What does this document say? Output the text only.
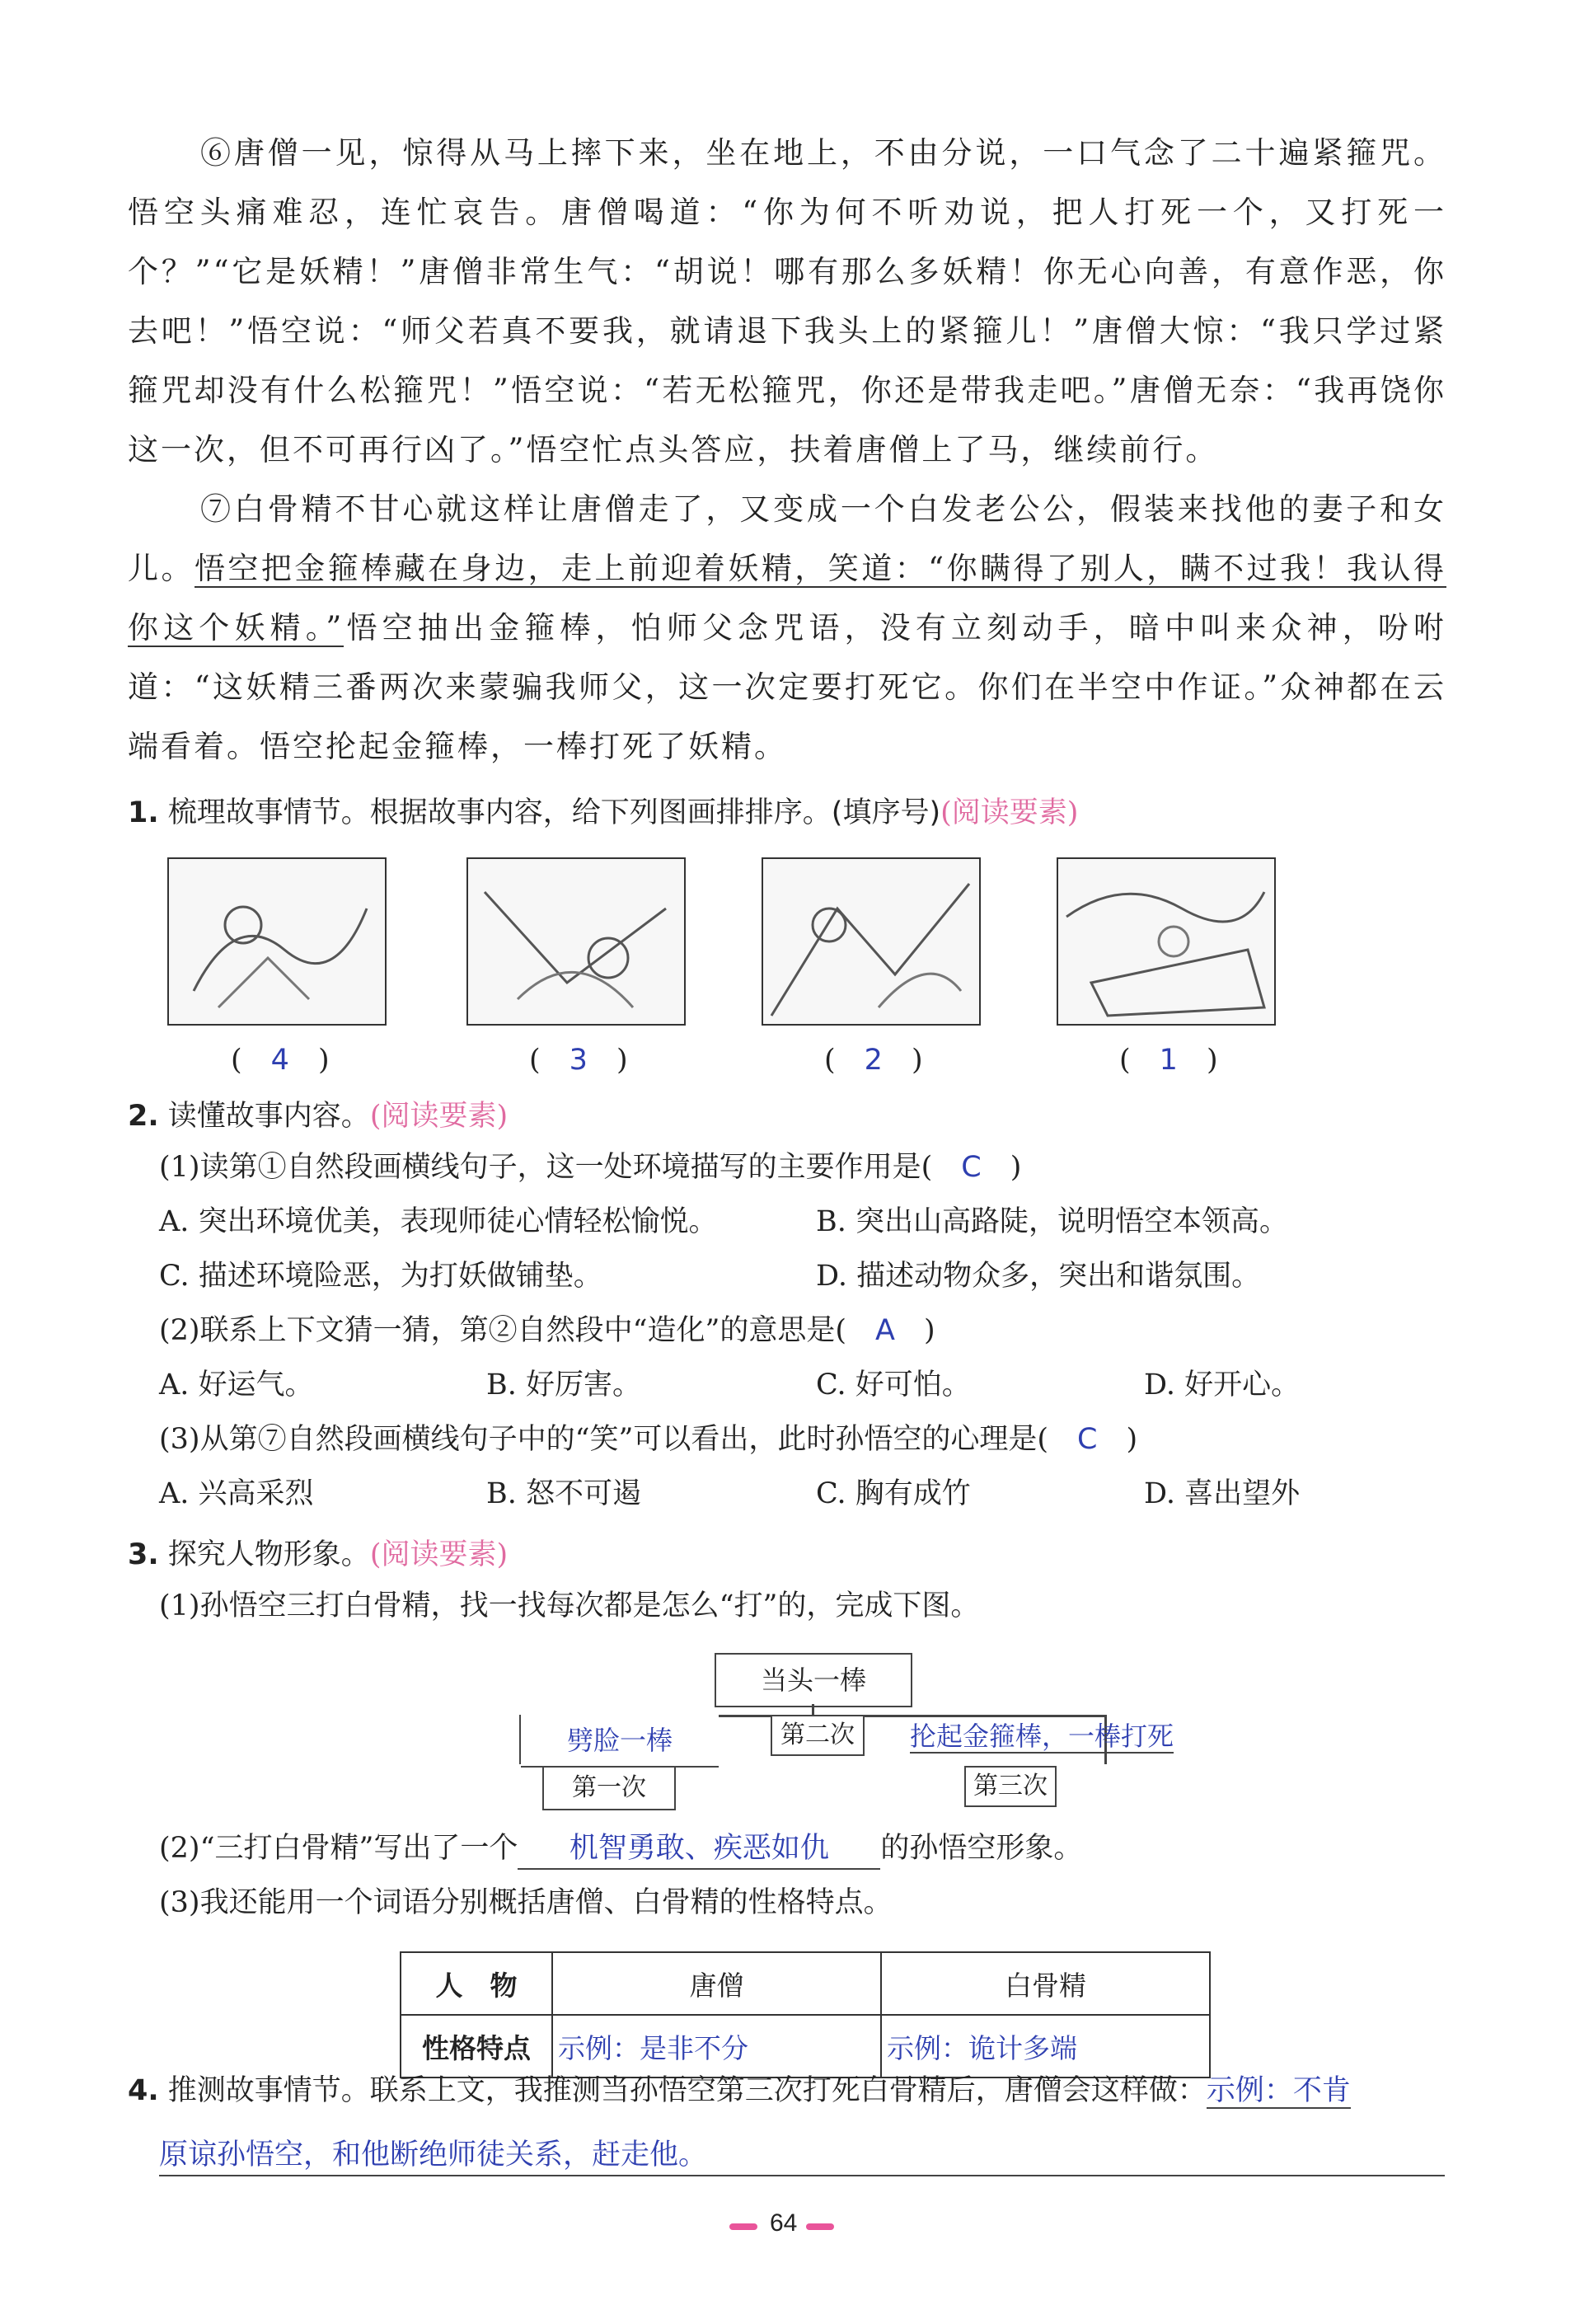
⑥唐僧一见，惊得从马上摔下来，坐在地上，不由分说，一口气念了二十遍紧箍咒。悟空头痛难忍，连忙哀告。唐僧喝道：“你为何不听劝说，把人打死一个，又打死一个？”“它是妖精！”唐僧非常生气：“胡说！哪有那么多妖精！你无心向善，有意作恶，你去吧！”悟空说：“师父若真不要我，就请退下我头上的紧箍儿！”唐僧大惊：“我只学过紧箍咒却没有什么松箍咒！”悟空说：“若无松箍咒，你还是带我走吧。”唐僧无奈：“我再饶你这一次，但不可再行凶了。”悟空忙点头答应，扶着唐僧上了马，继续前行。
⑦白骨精不甘心就这样让唐僧走了，又变成一个白发老公公，假装来找他的妻子和女儿。悟空把金箍棒藏在身边，走上前迎着妖精，笑道：“你瞒得了别人，瞒不过我！我认得你这个妖精。”悟空抽出金箍棒，怕师父念咒语，没有立刻动手，暗中叫来众神，吩咐道：“这妖精三番两次来蒙骗我师父，这一次定要打死它。你们在半空中作证。”众神都在云端看着。悟空抡起金箍棒，一棒打死了妖精。
1. 梳理故事情节。根据故事内容，给下列图画排排序。(填序号)(阅读要素)
(　4　)	(　3　)	(　2　)	(　1　)
2. 读懂故事内容。(阅读要素)
(1)读第①自然段画横线句子，这一处环境描写的主要作用是(　 C　 )
A. 突出环境优美，表现师徒心情轻松愉悦。	B. 突出山高路陡，说明悟空本领高。
C. 描述环境险恶，为打妖做铺垫。	D. 描述动物众多，突出和谐氛围。
(2)联系上下文猜一猜，第②自然段中“造化”的意思是(　 A　 )
A. 好运气。	B. 好厉害。	C. 好可怕。	D. 好开心。
(3)从第⑦自然段画横线句子中的“笑”可以看出，此时孙悟空的心理是(　 C　 )
A. 兴高采烈	B. 怒不可遏	C. 胸有成竹	D. 喜出望外
3. 探究人物形象。(阅读要素)
(1)孙悟空三打白骨精，找一找每次都是怎么“打”的，完成下图。
当头一棒
劈脸一棒
第一次
第二次	抡起金箍棒，一棒打死
第三次
(2)“三打白骨精”写出了一个 机智勇敢、疾恶如仇 的孙悟空形象。
(3)我还能用一个词语分别概括唐僧、白骨精的性格特点。
人　物	唐僧	白骨精
性格特点	示例：是非不分	示例：诡计多端
4. 推测故事情节。联系上文，我推测当孙悟空第三次打死白骨精后，唐僧会这样做：示例：不肯
原谅孙悟空，和他断绝师徒关系，赶走他。
64
